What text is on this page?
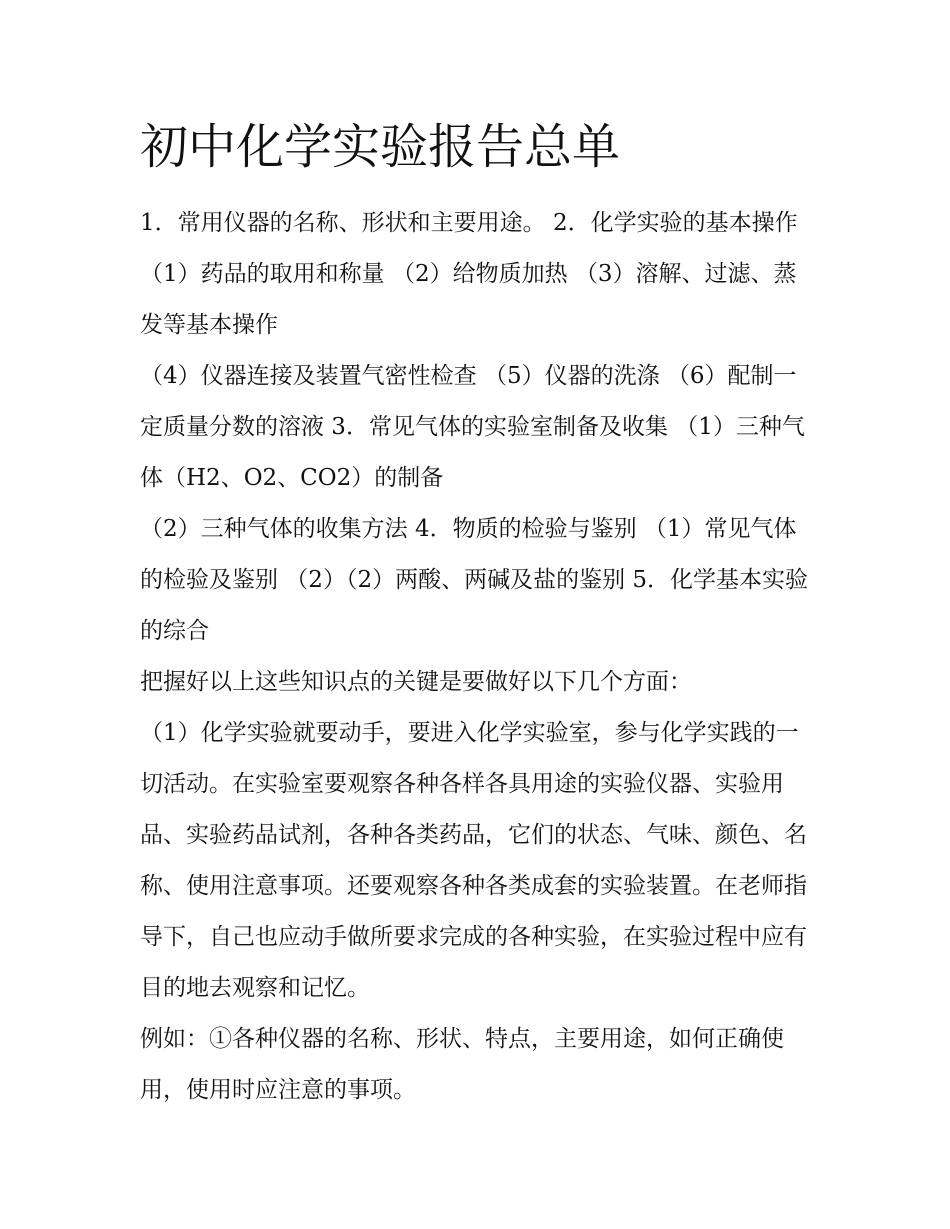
初中化学实验报告总单

1．常用仪器的名称、形状和主要用途。 2．化学实验的基本操作 （1）药品的取用和称量 （2）给物质加热 （3）溶解、过滤、蒸发等基本操作

（4）仪器连接及装置气密性检查 （5）仪器的洗涤 （6）配制一定质量分数的溶液 3．常见气体的实验室制备及收集 （1）三种气体（H2、O2、CO2）的制备

（2）三种气体的收集方法 4．物质的检验与鉴别 （1）常见气体的检验及鉴别 （2）（2）两酸、两碱及盐的鉴别 5．化学基本实验的综合

把握好以上这些知识点的关键是要做好以下几个方面：

（1）化学实验就要动手，要进入化学实验室，参与化学实践的一切活动。在实验室要观察各种各样各具用途的实验仪器、实验用品、实验药品试剂，各种各类药品，它们的状态、气味、颜色、名称、使用注意事项。还要观察各种各类成套的实验装置。在老师指导下，自己也应动手做所要求完成的各种实验，在实验过程中应有目的地去观察和记忆。

例如：①各种仪器的名称、形状、特点，主要用途，如何正确使用，使用时应注意的事项。
